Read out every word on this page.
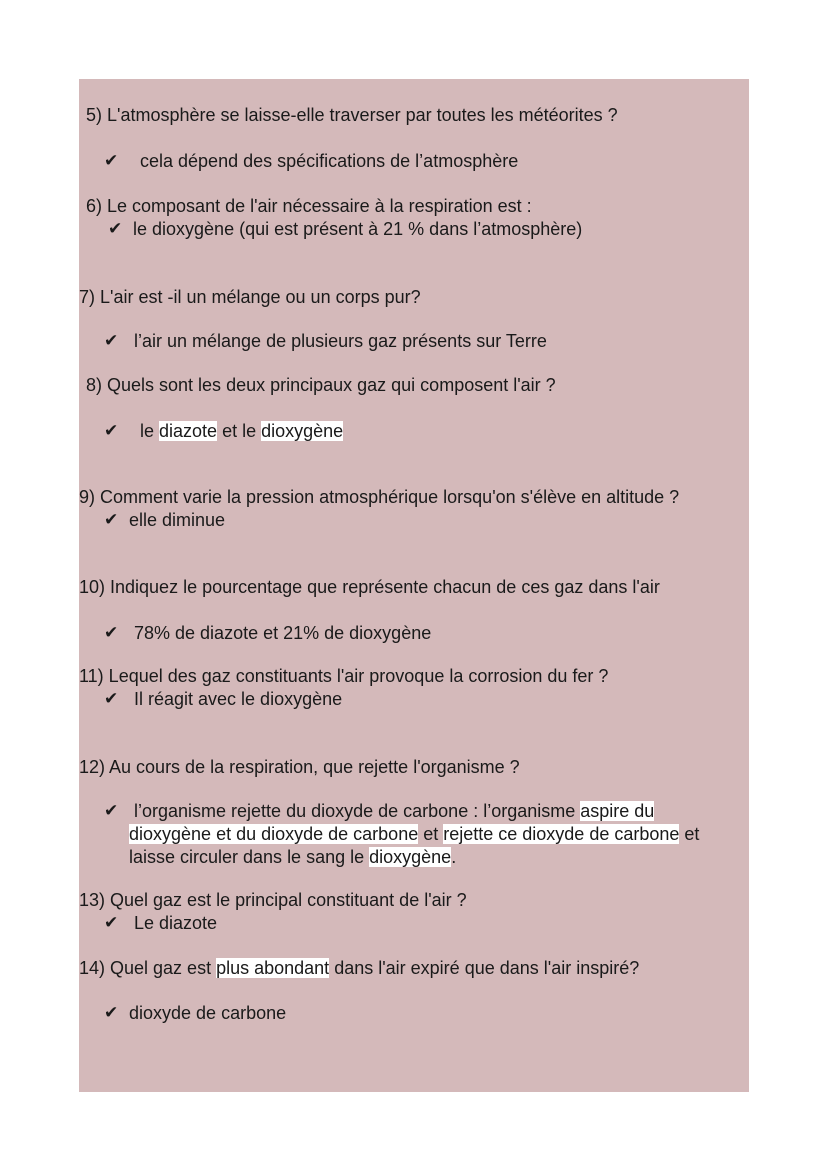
5) L'atmosphère se laisse-elle traverser par toutes les météorites ?
✔ cela dépend des spécifications de l’atmosphère
6) Le composant de l'air nécessaire à la respiration est :
✔ le dioxygène (qui est présent à 21 % dans l’atmosphère)
7) L'air est -il un mélange ou un corps pur?
✔ l’air un mélange de plusieurs gaz présents sur Terre
8) Quels sont les deux principaux gaz qui composent l'air ?
✔ le diazote et le dioxygène
9) Comment varie la pression atmosphérique lorsqu'on s'élève en altitude ?
✔ elle diminue
10) Indiquez le pourcentage que représente chacun de ces gaz dans l'air
✔ 78% de diazote et 21% de dioxygène
11) Lequel des gaz constituants l'air provoque la corrosion du fer ?
✔ Il réagit avec le dioxygène
12) Au cours de la respiration, que rejette l'organisme ?
✔ l’organisme rejette du dioxyde de carbone : l’organisme aspire du
dioxygène et du dioxyde de carbone et rejette ce dioxyde de carbone et
laisse circuler dans le sang le dioxygène.
13) Quel gaz est le principal constituant de l'air ?
✔ Le diazote
14) Quel gaz est plus abondant dans l'air expiré que dans l'air inspiré?
✔ dioxyde de carbone
